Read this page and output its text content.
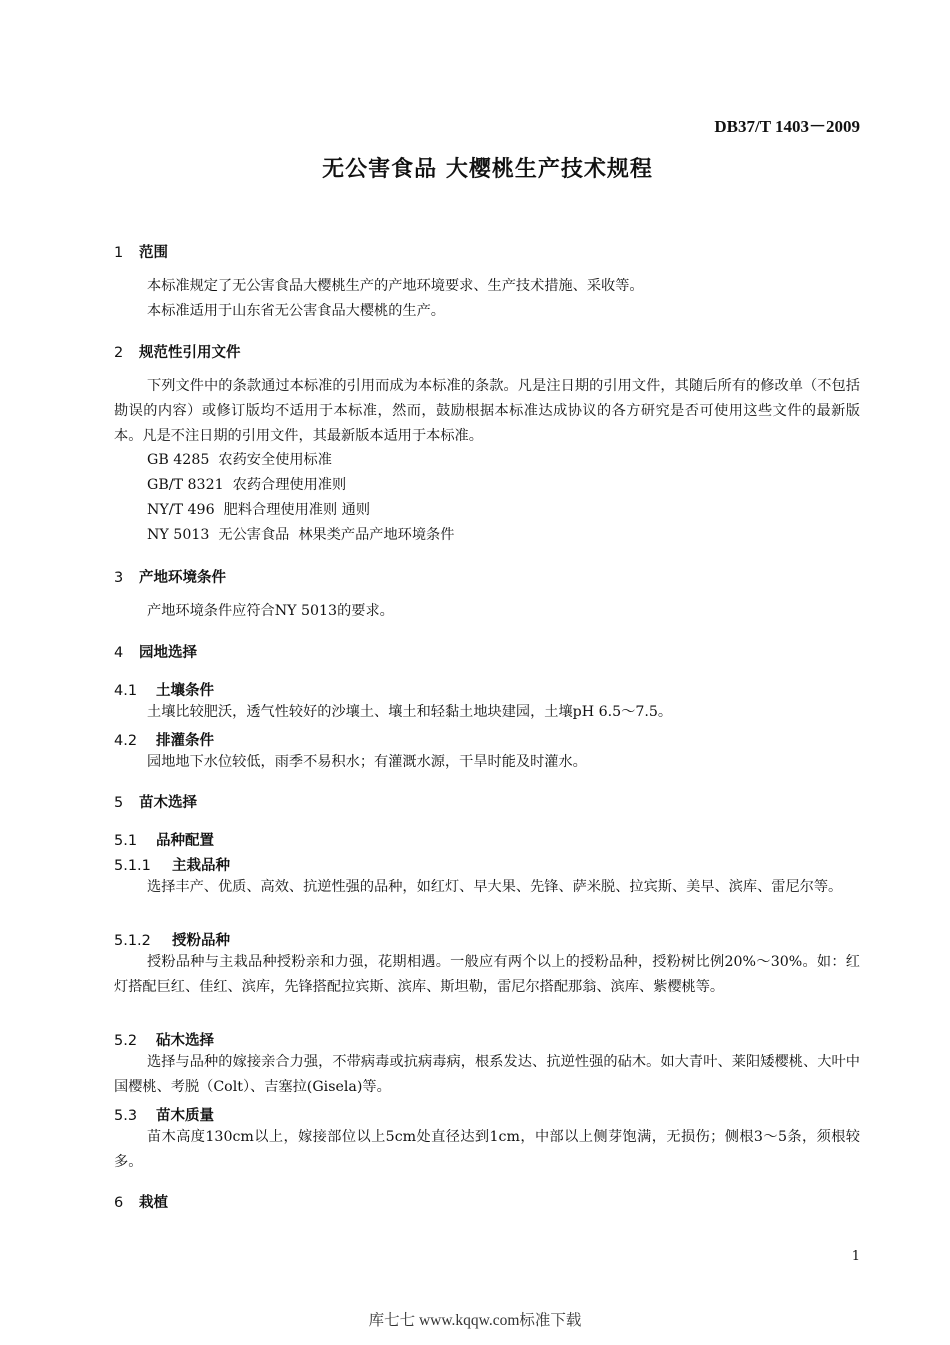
DB37/T 1403－2009
无公害食品 大樱桃生产技术规程
1 范围
本标准规定了无公害食品大樱桃生产的产地环境要求、生产技术措施、采收等。
本标准适用于山东省无公害食品大樱桃的生产。
2 规范性引用文件
下列文件中的条款通过本标准的引用而成为本标准的条款。凡是注日期的引用文件，其随后所有的修改单（不包括勘误的内容）或修订版均不适用于本标准，然而，鼓励根据本标准达成协议的各方研究是否可使用这些文件的最新版本。凡是不注日期的引用文件，其最新版本适用于本标准。
GB 4285  农药安全使用标准
GB/T 8321  农药合理使用准则
NY/T 496  肥料合理使用准则 通则
NY 5013  无公害食品  林果类产品产地环境条件
3 产地环境条件
产地环境条件应符合NY 5013的要求。
4 园地选择
4.1 土壤条件
土壤比较肥沃，透气性较好的沙壤土、壤土和轻黏土地块建园，土壤pH 6.5～7.5。
4.2 排灌条件
园地地下水位较低，雨季不易积水；有灌溉水源，干旱时能及时灌水。
5 苗木选择
5.1 品种配置
5.1.1 主栽品种
选择丰产、优质、高效、抗逆性强的品种，如红灯、早大果、先锋、萨米脱、拉宾斯、美早、滨库、雷尼尔等。
5.1.2 授粉品种
授粉品种与主栽品种授粉亲和力强，花期相遇。一般应有两个以上的授粉品种，授粉树比例20%～30%。如：红灯搭配巨红、佳红、滨库，先锋搭配拉宾斯、滨库、斯坦勒，雷尼尔搭配那翁、滨库、紫樱桃等。
5.2 砧木选择
选择与品种的嫁接亲合力强，不带病毒或抗病毒病，根系发达、抗逆性强的砧木。如大青叶、莱阳矮樱桃、大叶中国樱桃、考脱（Colt）、吉塞拉(Gisela)等。
5.3 苗木质量
苗木高度130cm以上，嫁接部位以上5cm处直径达到1cm，中部以上侧芽饱满，无损伤；侧根3～5条，须根较多。
6 栽植
1
库七七 www.kqqw.com标准下载
